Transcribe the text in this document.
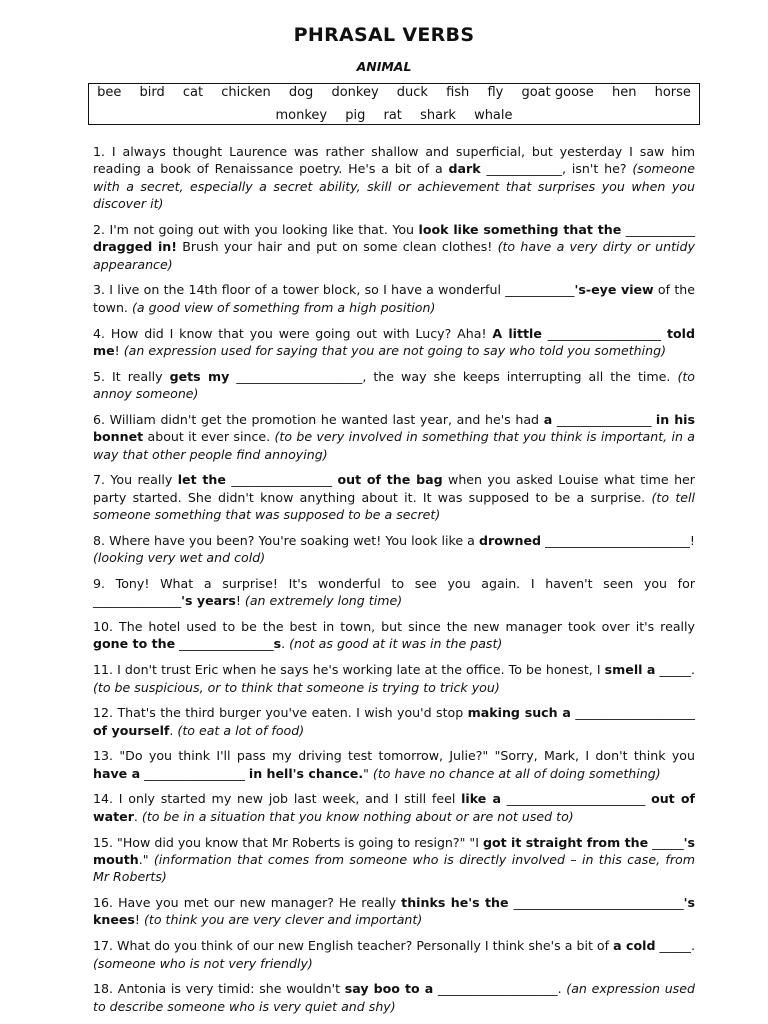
PHRASAL VERBS
ANIMAL
bee bird cat chicken dog donkey duck fish fly goat goose hen horse
monkey pig rat shark whale
1. I always thought Laurence was rather shallow and superficial, but yesterday I saw him reading a book of Renaissance poetry. He's a bit of a dark ____________, isn't he? (someone with a secret, especially a secret ability, skill or achievement that surprises you when you discover it)
2. I'm not going out with you looking like that. You look like something that the ___________ dragged in! Brush your hair and put on some clean clothes! (to have a very dirty or untidy appearance)
3. I live on the 14th floor of a tower block, so I have a wonderful ___________'s-eye view of the town. (a good view of something from a high position)
4. How did I know that you were going out with Lucy? Aha! A little __________________ told me! (an expression used for saying that you are not going to say who told you something)
5. It really gets my ____________________, the way she keeps interrupting all the time. (to annoy someone)
6. William didn't get the promotion he wanted last year, and he's had a _______________ in his bonnet about it ever since. (to be very involved in something that you think is important, in a way that other people find annoying)
7. You really let the ________________ out of the bag when you asked Louise what time her party started. She didn't know anything about it. It was supposed to be a surprise. (to tell someone something that was supposed to be a secret)
8. Where have you been? You're soaking wet! You look like a drowned _______________________! (looking very wet and cold)
9. Tony! What a surprise! It's wonderful to see you again. I haven't seen you for ______________'s years! (an extremely long time)
10. The hotel used to be the best in town, but since the new manager took over it's really gone to the _______________s. (not as good at it was in the past)
11. I don't trust Eric when he says he's working late at the office. To be honest, I smell a _____. (to be suspicious, or to think that someone is trying to trick you)
12. That's the third burger you've eaten. I wish you'd stop making such a ___________________ of yourself. (to eat a lot of food)
13. "Do you think I'll pass my driving test tomorrow, Julie?" "Sorry, Mark, I don't think you have a ________________ in hell's chance." (to have no chance at all of doing something)
14. I only started my new job last week, and I still feel like a ______________________ out of water. (to be in a situation that you know nothing about or are not used to)
15. "How did you know that Mr Roberts is going to resign?" "I got it straight from the _____'s mouth." (information that comes from someone who is directly involved – in this case, from Mr Roberts)
16. Have you met our new manager? He really thinks he's the ___________________________'s knees! (to think you are very clever and important)
17. What do you think of our new English teacher? Personally I think she's a bit of a cold _____. (someone who is not very friendly)
18. Antonia is very timid: she wouldn't say boo to a ___________________. (an expression used to describe someone who is very quiet and shy)
